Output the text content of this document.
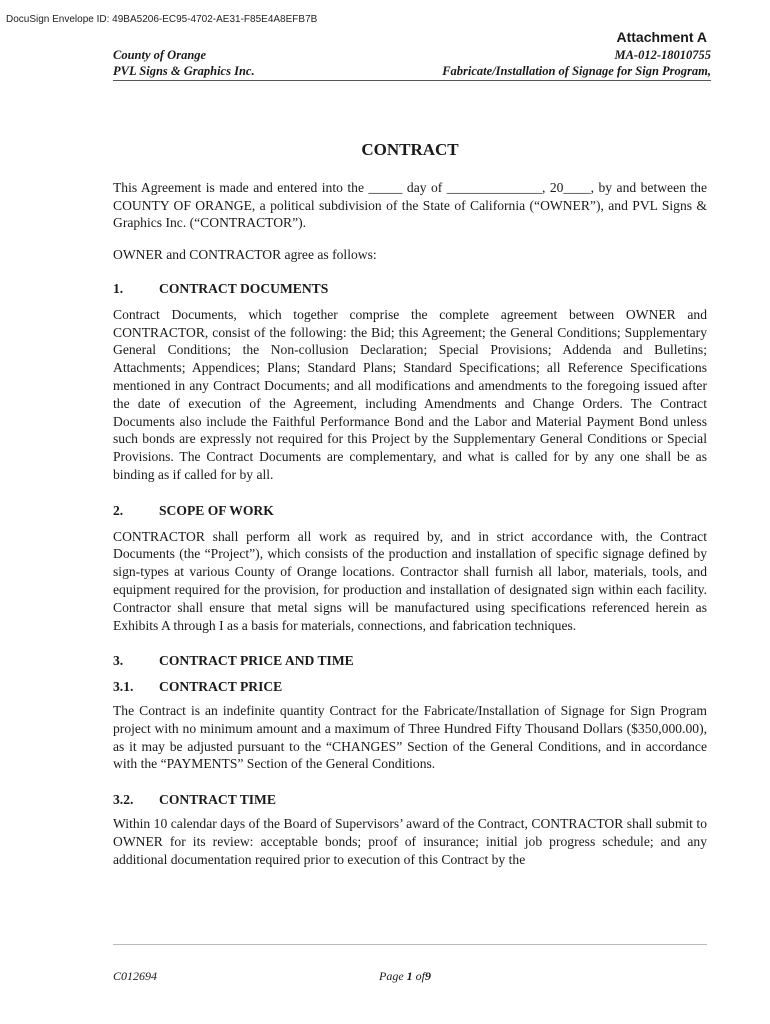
DocuSign Envelope ID: 49BA5206-EC95-4702-AE31-F85E4A8EFB7B
Attachment A
County of Orange	MA-012-18010755
PVL Signs & Graphics Inc.	Fabricate/Installation of Signage for Sign Program,
CONTRACT

This Agreement is made and entered into the _____ day of ______________, 20____, by and between the COUNTY OF ORANGE, a political subdivision of the State of California (“OWNER”), and PVL Signs & Graphics Inc. (“CONTRACTOR”).

OWNER and CONTRACTOR agree as follows:

1.	CONTRACT DOCUMENTS

Contract Documents, which together comprise the complete agreement between OWNER and CONTRACTOR, consist of the following: the Bid; this Agreement; the General Conditions; Supplementary General Conditions; the Non-collusion Declaration; Special Provisions; Addenda and Bulletins; Attachments; Appendices; Plans; Standard Plans; Standard Specifications; all Reference Specifications mentioned in any Contract Documents; and all modifications and amendments to the foregoing issued after the date of execution of the Agreement, including Amendments and Change Orders. The Contract Documents also include the Faithful Performance Bond and the Labor and Material Payment Bond unless such bonds are expressly not required for this Project by the Supplementary General Conditions or Special Provisions. The Contract Documents are complementary, and what is called for by any one shall be as binding as if called for by all.

2.	SCOPE OF WORK

CONTRACTOR shall perform all work as required by, and in strict accordance with, the Contract Documents (the “Project”), which consists of the production and installation of specific signage defined by sign-types at various County of Orange locations. Contractor shall furnish all labor, materials, tools, and equipment required for the provision, for production and installation of designated sign within each facility. Contractor shall ensure that metal signs will be manufactured using specifications referenced herein as Exhibits A through I as a basis for materials, connections, and fabrication techniques.

3.	CONTRACT PRICE AND TIME
3.1.	CONTRACT PRICE

The Contract is an indefinite quantity Contract for the Fabricate/Installation of Signage for Sign Program project with no minimum amount and a maximum of Three Hundred Fifty Thousand Dollars ($350,000.00), as it may be adjusted pursuant to the “CHANGES” Section of the General Conditions, and in accordance with the “PAYMENTS” Section of the General Conditions.

3.2.	CONTRACT TIME

Within 10 calendar days of the Board of Supervisors’ award of the Contract, CONTRACTOR shall submit to OWNER for its review: acceptable bonds; proof of insurance; initial job progress schedule; and any additional documentation required prior to execution of this Contract by the

C012694	Page 1 of9
